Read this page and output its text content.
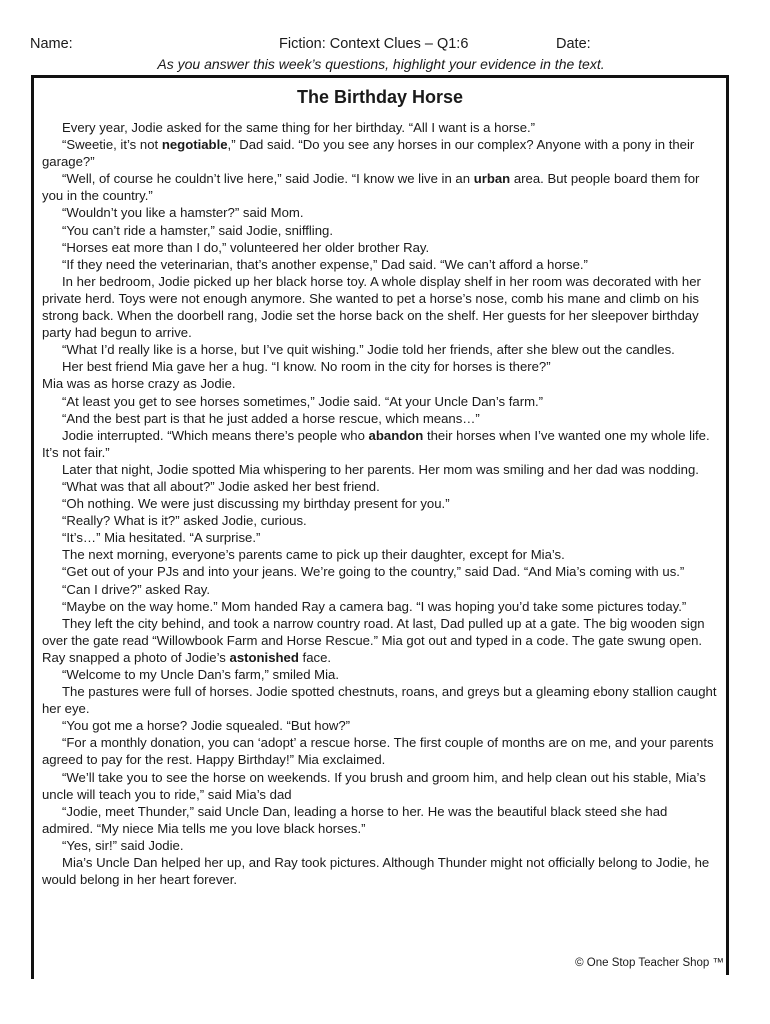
Name:	Fiction: Context Clues – Q1:6	Date:
As you answer this week’s questions, highlight your evidence in the text.
The Birthday Horse

Every year, Jodie asked for the same thing for her birthday. “All I want is a horse.”

“Sweetie, it’s not negotiable,” Dad said. “Do you see any horses in our complex? Anyone with a pony in their garage?”

“Well, of course he couldn’t live here,” said Jodie. “I know we live in an urban area. But people board them for you in the country.”

“Wouldn’t you like a hamster?” said Mom.

“You can’t ride a hamster,” said Jodie, sniffling.

“Horses eat more than I do,” volunteered her older brother Ray.

“If they need the veterinarian, that’s another expense,” Dad said. “We can’t afford a horse.”

In her bedroom, Jodie picked up her black horse toy. A whole display shelf in her room was decorated with her private herd. Toys were not enough anymore. She wanted to pet a horse’s nose, comb his mane and climb on his strong back. When the doorbell rang, Jodie set the horse back on the shelf. Her guests for her sleepover birthday party had begun to arrive.

“What I’d really like is a horse, but I’ve quit wishing.” Jodie told her friends, after she blew out the candles.

Her best friend Mia gave her a hug. “I know. No room in the city for horses is there?”

Mia was as horse crazy as Jodie.

“At least you get to see horses sometimes,” Jodie said. “At your Uncle Dan’s farm.”

“And the best part is that he just added a horse rescue, which means…”

Jodie interrupted. “Which means there’s people who abandon their horses when I’ve wanted one my whole life. It’s not fair.”

Later that night, Jodie spotted Mia whispering to her parents. Her mom was smiling and her dad was nodding.

“What was that all about?” Jodie asked her best friend.

“Oh nothing. We were just discussing my birthday present for you.”

“Really? What is it?” asked Jodie, curious.

“It’s…” Mia hesitated. “A surprise.”

The next morning, everyone’s parents came to pick up their daughter, except for Mia’s.

“Get out of your PJs and into your jeans. We’re going to the country,” said Dad. “And Mia’s coming with us.”

“Can I drive?” asked Ray.

“Maybe on the way home.” Mom handed Ray a camera bag. “I was hoping you’d take some pictures today.”

They left the city behind, and took a narrow country road. At last, Dad pulled up at a gate. The big wooden sign over the gate read “Willowbook Farm and Horse Rescue.” Mia got out and typed in a code. The gate swung open. Ray snapped a photo of Jodie’s astonished face.

“Welcome to my Uncle Dan’s farm,” smiled Mia.

The pastures were full of horses. Jodie spotted chestnuts, roans, and greys but a gleaming ebony stallion caught her eye.

“You got me a horse? Jodie squealed. “But how?”

“For a monthly donation, you can ‘adopt’ a rescue horse. The first couple of months are on me, and your parents agreed to pay for the rest. Happy Birthday!” Mia exclaimed.

“We’ll take you to see the horse on weekends. If you brush and groom him, and help clean out his stable, Mia’s uncle will teach you to ride,” said Mia’s dad

“Jodie, meet Thunder,” said Uncle Dan, leading a horse to her. He was the beautiful black steed she had admired. “My niece Mia tells me you love black horses.”

“Yes, sir!” said Jodie.

Mia’s Uncle Dan helped her up, and Ray took pictures. Although Thunder might not officially belong to Jodie, he would belong in her heart forever.

© One Stop Teacher Shop ™
